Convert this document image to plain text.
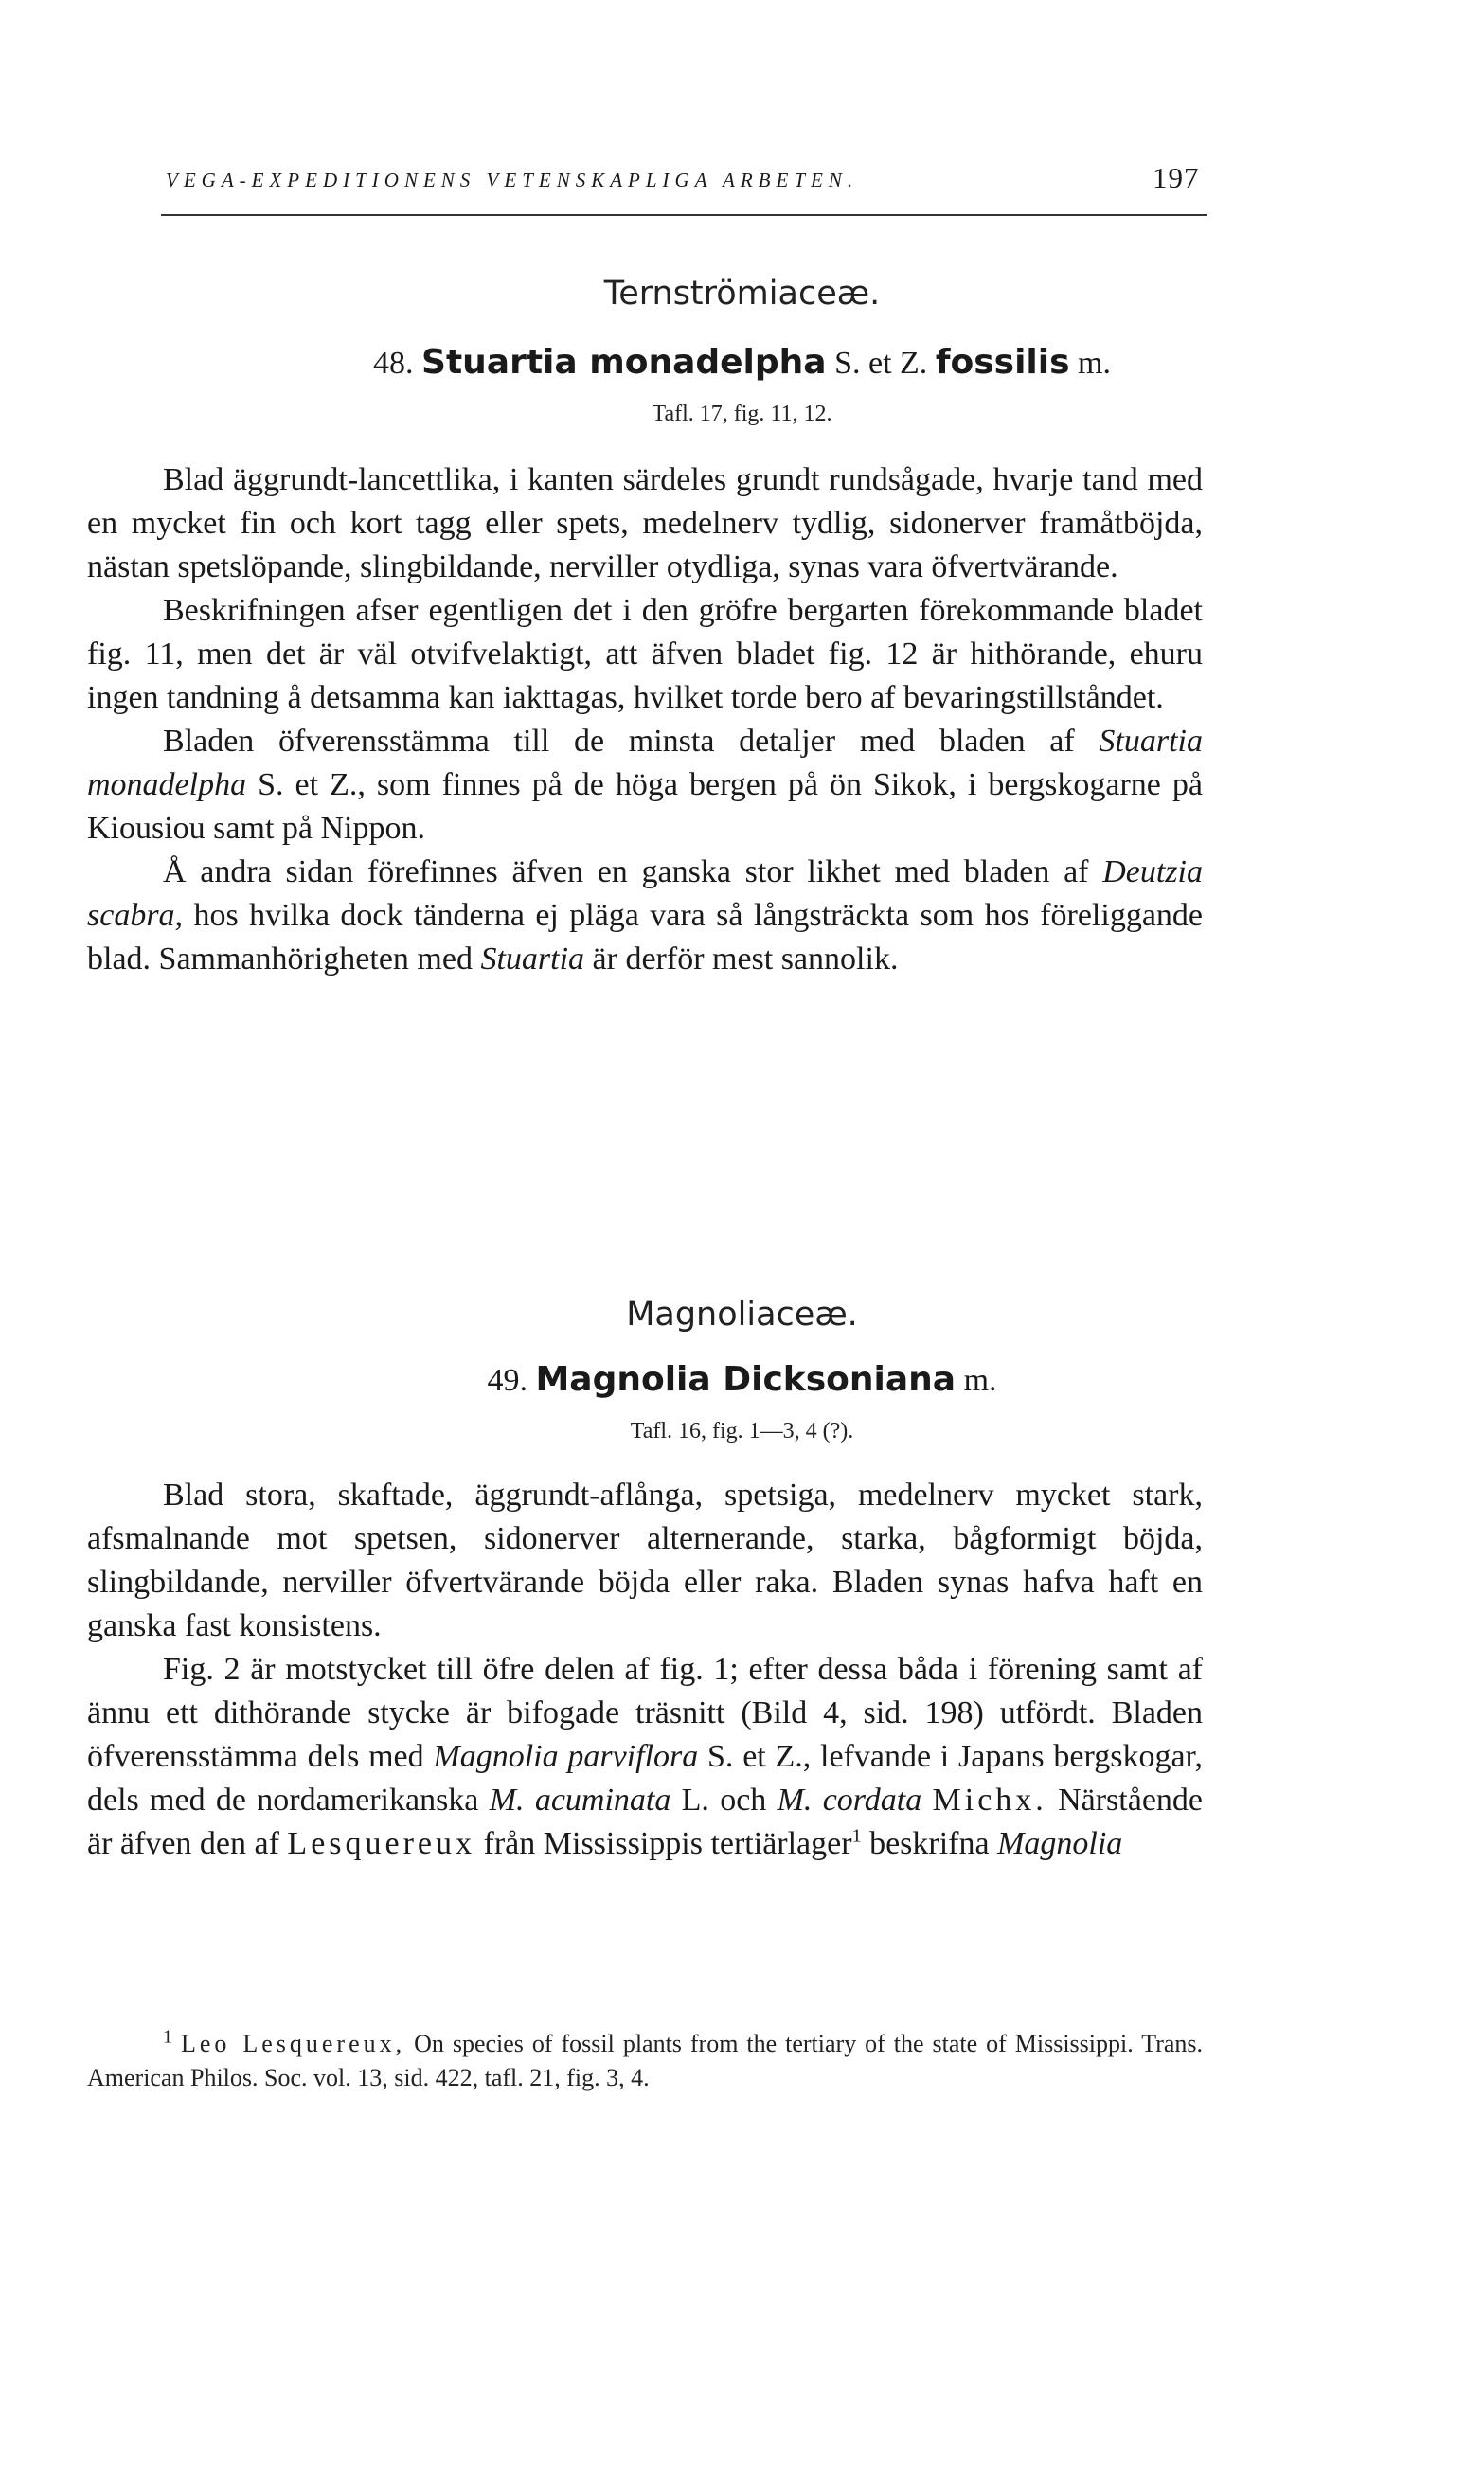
VEGA-EXPEDITIONENS VETENSKAPLIGA ARBETEN.	197
Ternströmiaceæ.
48. Stuartia monadelpha S. et Z. fossilis m.
Tafl. 17, fig. 11, 12.

Blad äggrundt-lancettlika, i kanten särdeles grundt rundsågade, hvarje tand med en mycket fin och kort tagg eller spets, medelnerv tydlig, sidonerver framåtböjda, nästan spetslöpande, slingbildande, nerviller otydliga, synas vara öfvertvärande.

Beskrifningen afser egentligen det i den gröfre bergarten förekommande bladet fig. 11, men det är väl otvifvelaktigt, att äfven bladet fig. 12 är hithörande, ehuru ingen tandning å detsamma kan iakttagas, hvilket torde bero af bevaringstillståndet.

Bladen öfverensstämma till de minsta detaljer med bladen af Stuartia monadelpha S. et Z., som finnes på de höga bergen på ön Sikok, i bergskogarne på Kiousiou samt på Nippon.

Å andra sidan förefinnes äfven en ganska stor likhet med bladen af Deutzia scabra, hos hvilka dock tänderna ej pläga vara så långsträckta som hos föreliggande blad. Sammanhörigheten med Stuartia är derför mest sannolik.

Magnoliaceæ.
49. Magnolia Dicksoniana m.
Tafl. 16, fig. 1—3, 4 (?).

Blad stora, skaftade, äggrundt-aflånga, spetsiga, medelnerv mycket stark, afsmalnande mot spetsen, sidonerver alternerande, starka, bågformigt böjda, slingbildande, nerviller öfvertvärande böjda eller raka. Bladen synas hafva haft en ganska fast konsistens.

Fig. 2 är motstycket till öfre delen af fig. 1; efter dessa båda i förening samt af ännu ett dithörande stycke är bifogade träsnitt (Bild 4, sid. 198) utfördt. Bladen öfverensstämma dels med Magnolia parviflora S. et Z., lefvande i Japans bergskogar, dels med de nordamerikanska M. acuminata L. och M. cordata Michx. Närstående är äfven den af Lesquereux från Mississippis tertiärlager$^1$ beskrifna Magnolia

$^1$ Leo Lesquereux, On species of fossil plants from the tertiary of the state of Mississippi. Trans. American Philos. Soc. vol. 13, sid. 422, tafl. 21, fig. 3, 4.
